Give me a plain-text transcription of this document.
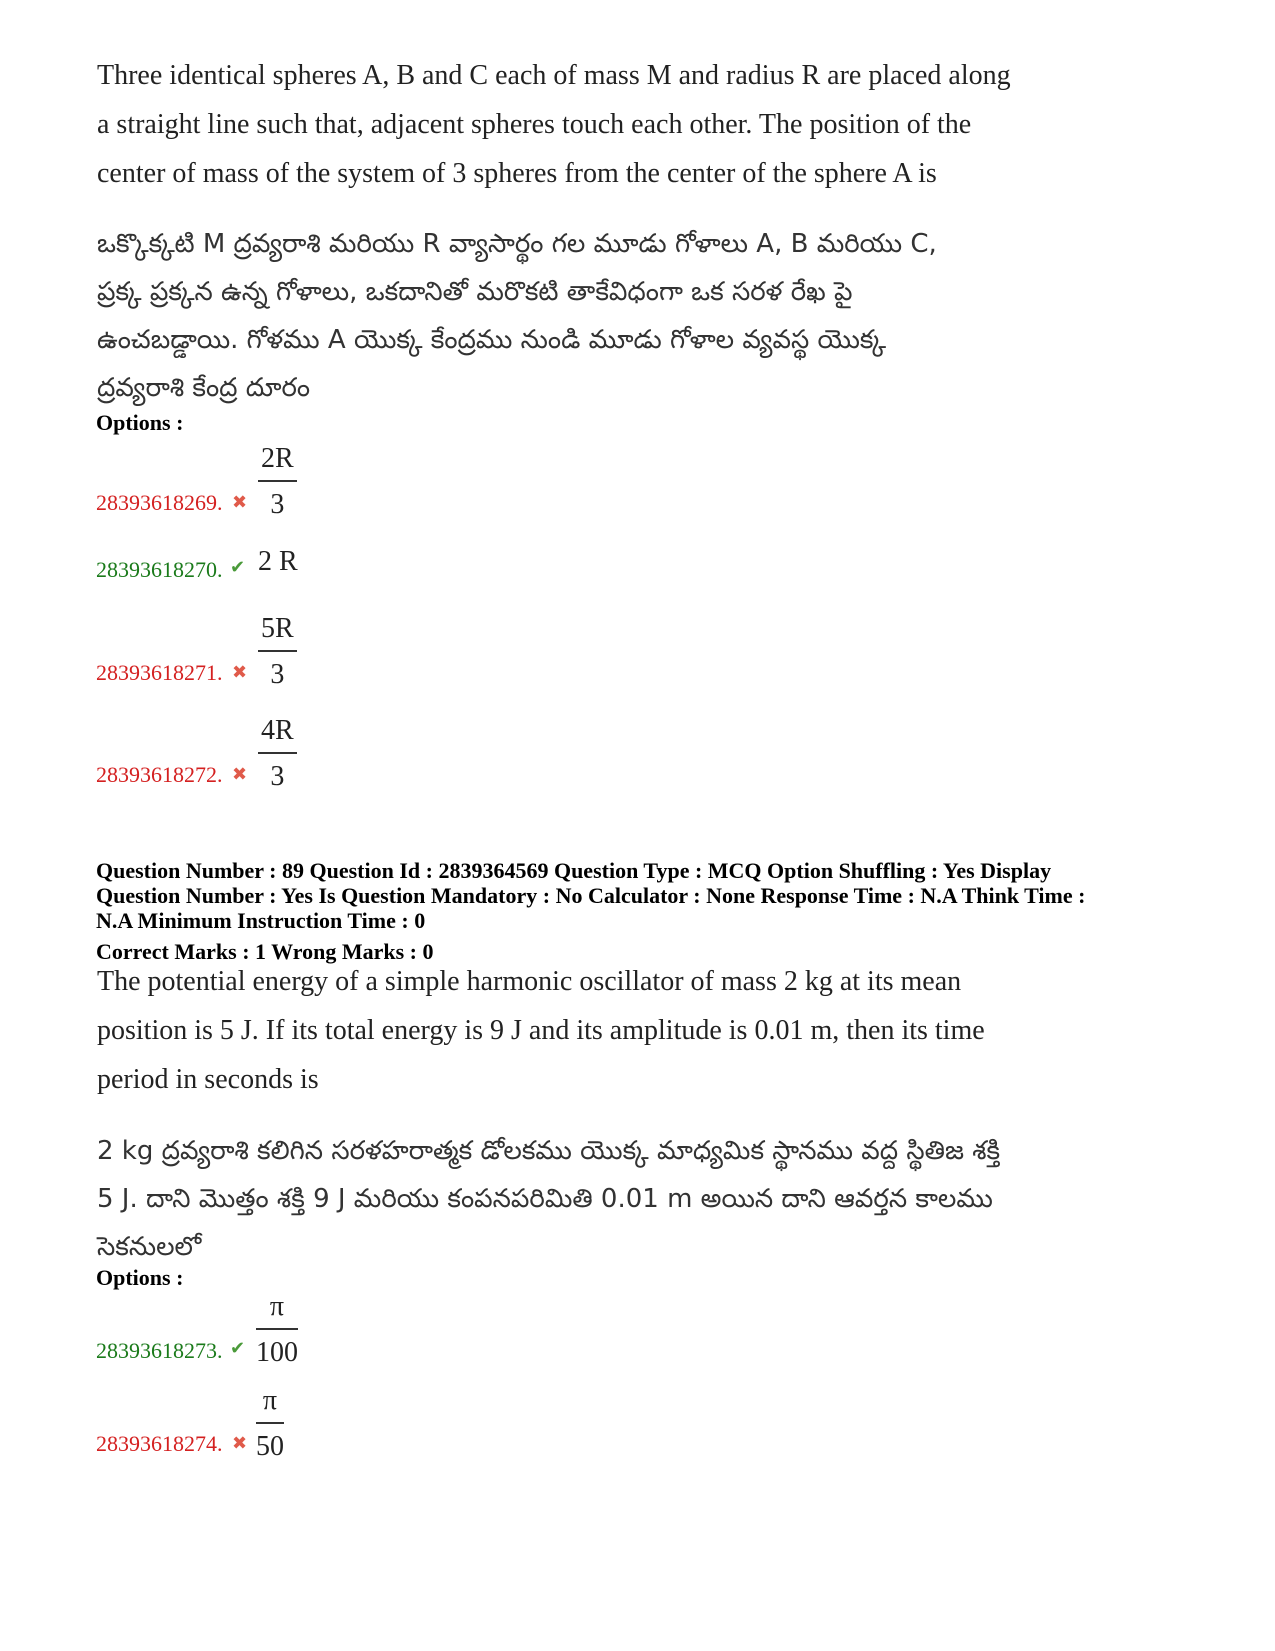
Three identical spheres A, B and C each of mass M and radius R are placed along
a straight line such that, adjacent spheres touch each other. The position of the
center of mass of the system of 3 spheres from the center of the sphere A is
ఒక్కొక్కటి M ద్రవ్యరాశి మరియు R వ్యాసార్థం గల మూడు గోళాలు A, B మరియు C,
ప్రక్క ప్రక్కన ఉన్న గోళాలు, ఒకదానితో మరొకటి తాకేవిధంగా ఒక సరళ రేఖ పై
ఉంచబడ్డాయి. గోళము A యొక్క కేంద్రము నుండి మూడు గోళాల వ్యవస్థ యొక్క
ద్రవ్యరాశి కేంద్ర దూరం
Options :
28393618269. ✖
2R
3
28393618270. ✔ 2 R
28393618271. ✖
5R
3
28393618272. ✖
4R
3
Question Number : 89 Question Id : 2839364569 Question Type : MCQ Option Shuffling : Yes Display
Question Number : Yes Is Question Mandatory : No Calculator : None Response Time : N.A Think Time :
N.A Minimum Instruction Time : 0
Correct Marks : 1 Wrong Marks : 0
The potential energy of a simple harmonic oscillator of mass 2 kg at its mean
position is 5 J. If its total energy is 9 J and its amplitude is 0.01 m, then its time
period in seconds is
2 kg ద్రవ్యరాశి కలిగిన సరళహరాత్మక డోలకము యొక్క మాధ్యమిక స్థానము వద్ద స్థితిజ శక్తి
5 J. దాని మొత్తం శక్తి 9 J మరియు కంపనపరిమితి 0.01 m అయిన దాని ఆవర్తన కాలము
సెకనులలో
Options :
28393618273. ✔
π
100
28393618274. ✖
π
50
